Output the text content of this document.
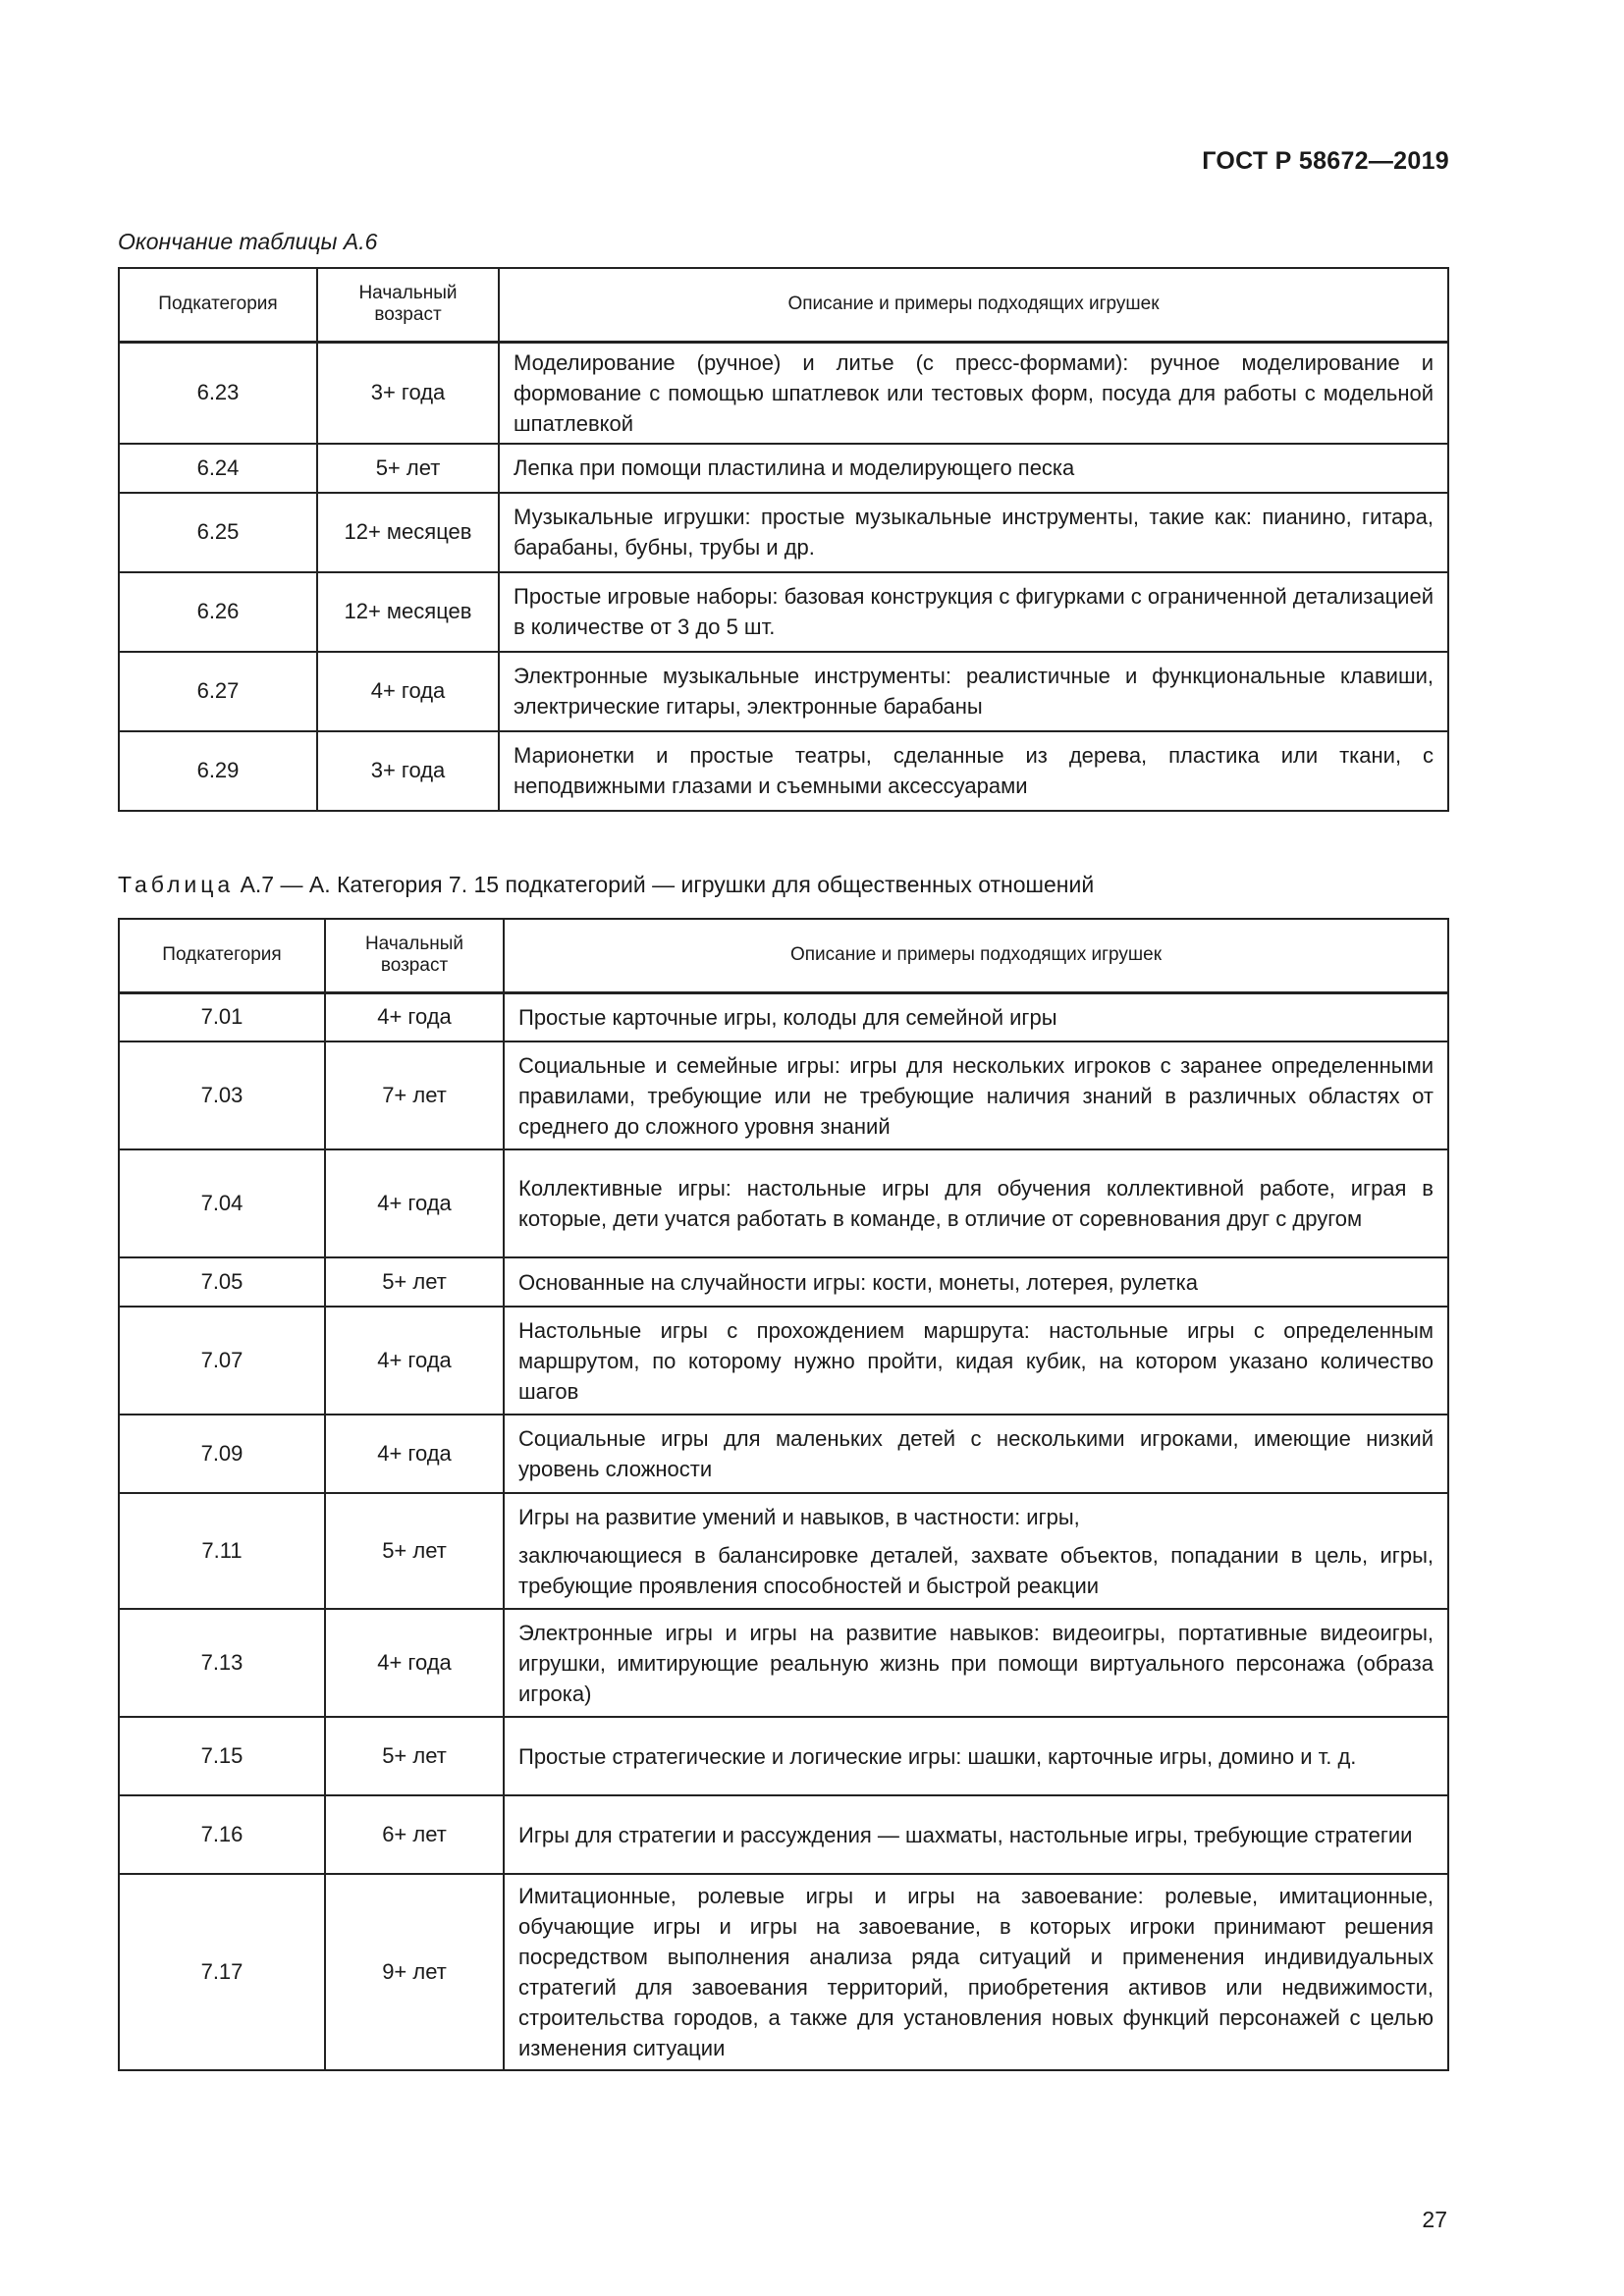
ГОСТ Р 58672—2019
Окончание таблицы А.6
Подкатегория	Начальный возраст	Описание и примеры подходящих игрушек
6.23	3+ года	Моделирование (ручное) и литье (с пресс-формами): ручное моделирование и формование с помощью шпатлевок или тестовых форм, посуда для работы с модельной шпатлевкой
6.24	5+ лет	Лепка при помощи пластилина и моделирующего песка
6.25	12+ месяцев	Музыкальные игрушки: простые музыкальные инструменты, такие как: пианино, гитара, барабаны, бубны, трубы и др.
6.26	12+ месяцев	Простые игровые наборы: базовая конструкция с фигурками с ограниченной детализацией в количестве от 3 до 5 шт.
6.27	4+ года	Электронные музыкальные инструменты: реалистичные и функциональные клавиши, электрические гитары, электронные барабаны
6.29	3+ года	Марионетки и простые театры, сделанные из дерева, пластика или ткани, с неподвижными глазами и съемными аксессуарами
Таблица А.7 — А. Категория 7. 15 подкатегорий — игрушки для общественных отношений
Подкатегория	Начальный возраст	Описание и примеры подходящих игрушек
7.01	4+ года	Простые карточные игры, колоды для семейной игры
7.03	7+ лет	Социальные и семейные игры: игры для нескольких игроков с заранее определенными правилами, требующие или не требующие наличия знаний в различных областях от среднего до сложного уровня знаний
7.04	4+ года	Коллективные игры: настольные игры для обучения коллективной работе, играя в которые, дети учатся работать в команде, в отличие от соревнования друг с другом
7.05	5+ лет	Основанные на случайности игры: кости, монеты, лотерея, рулетка
7.07	4+ года	Настольные игры с прохождением маршрута: настольные игры с определенным маршрутом, по которому нужно пройти, кидая кубик, на котором указано количество шагов
7.09	4+ года	Социальные игры для маленьких детей с несколькими игроками, имеющие низкий уровень сложности
7.11	5+ лет	Игры на развитие умений и навыков, в частности: игры,
заключающиеся в балансировке деталей, захвате объектов, попадании в цель, игры, требующие проявления способностей и быстрой реакции

7.13	4+ года	Электронные игры и игры на развитие навыков: видеоигры, портативные видеоигры, игрушки, имитирующие реальную жизнь при помощи виртуального персонажа (образа игрока)
7.15	5+ лет	Простые стратегические и логические игры: шашки, карточные игры, домино и т. д.
7.16	6+ лет	Игры для стратегии и рассуждения — шахматы, настольные игры, требующие стратегии
7.17	9+ лет	Имитационные, ролевые игры и игры на завоевание: ролевые, имитационные, обучающие игры и игры на завоевание, в которых игроки принимают решения посредством выполнения анализа ряда ситуаций и применения индивидуальных стратегий для завоевания территорий, приобретения активов или недвижимости, строительства городов, а также для установления новых функций персонажей с целью изменения ситуации
27
